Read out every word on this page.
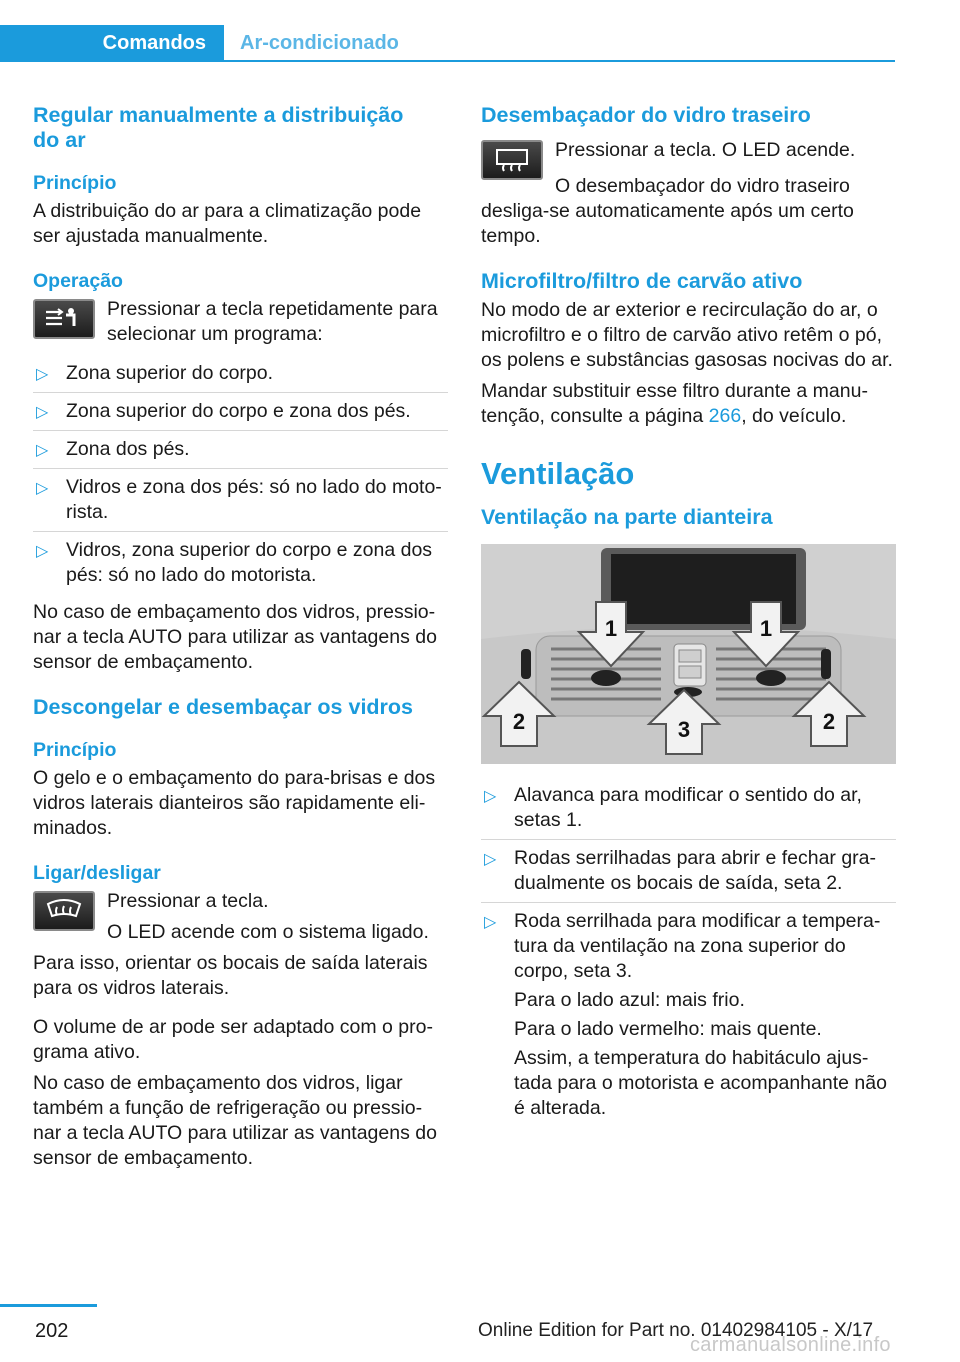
Comandos	Ar-condicionado
Regular manualmente a distribuição
do ar
Princípio

A distribuição do ar para a climatização pode ser ajustada manualmente.

Operação

Pressionar a tecla repetidamente para selecionar um programa:

▷ Zona superior do corpo.
▷ Zona superior do corpo e zona dos pés.
▷ Zona dos pés.
▷ Vidros e zona dos pés: só no lado do moto-rista.
▷ Vidros, zona superior do corpo e zona dos pés: só no lado do motorista.

No caso de embaçamento dos vidros, pressio-nar a tecla AUTO para utilizar as vantagens do sensor de embaçamento.

Descongelar e desembaçar os vidros
Princípio

O gelo e o embaçamento do para-brisas e dos vidros laterais dianteiros são rapidamente eli-minados.

Ligar/desligar

Pressionar a tecla.

O LED acende com o sistema ligado.

Para isso, orientar os bocais de saída laterais para os vidros laterais.

O volume de ar pode ser adaptado com o pro-grama ativo.

No caso de embaçamento dos vidros, ligar também a função de refrigeração ou pressio-nar a tecla AUTO para utilizar as vantagens do sensor de embaçamento.

Desembaçador do vidro traseiro

Pressionar a tecla. O LED acende.

O desembaçador do vidro traseiro desliga-se automaticamente após um certo tempo.

Microfiltro/filtro de carvão ativo

No modo de ar exterior e recirculação do ar, o microfiltro e o filtro de carvão ativo retêm o pó, os polens e substâncias gasosas nocivas do ar.

Mandar substituir esse filtro durante a manu-tenção, consulte a página 266, do veículo.

Ventilação
Ventilação na parte dianteira
1	1
2	3	2
▷ Alavanca para modificar o sentido do ar, setas 1.
▷ Rodas serrilhadas para abrir e fechar gra-dualmente os bocais de saída, seta 2.
▷ Roda serrilhada para modificar a tempera-tura da ventilação na zona superior do corpo, seta 3.

Para o lado azul: mais frio.

Para o lado vermelho: mais quente.

Assim, a temperatura do habitáculo ajus-tada para o motorista e acompanhante não é alterada.

202	Online Edition for Part no. 01402984105 - X/17
carmanualsonline.info
